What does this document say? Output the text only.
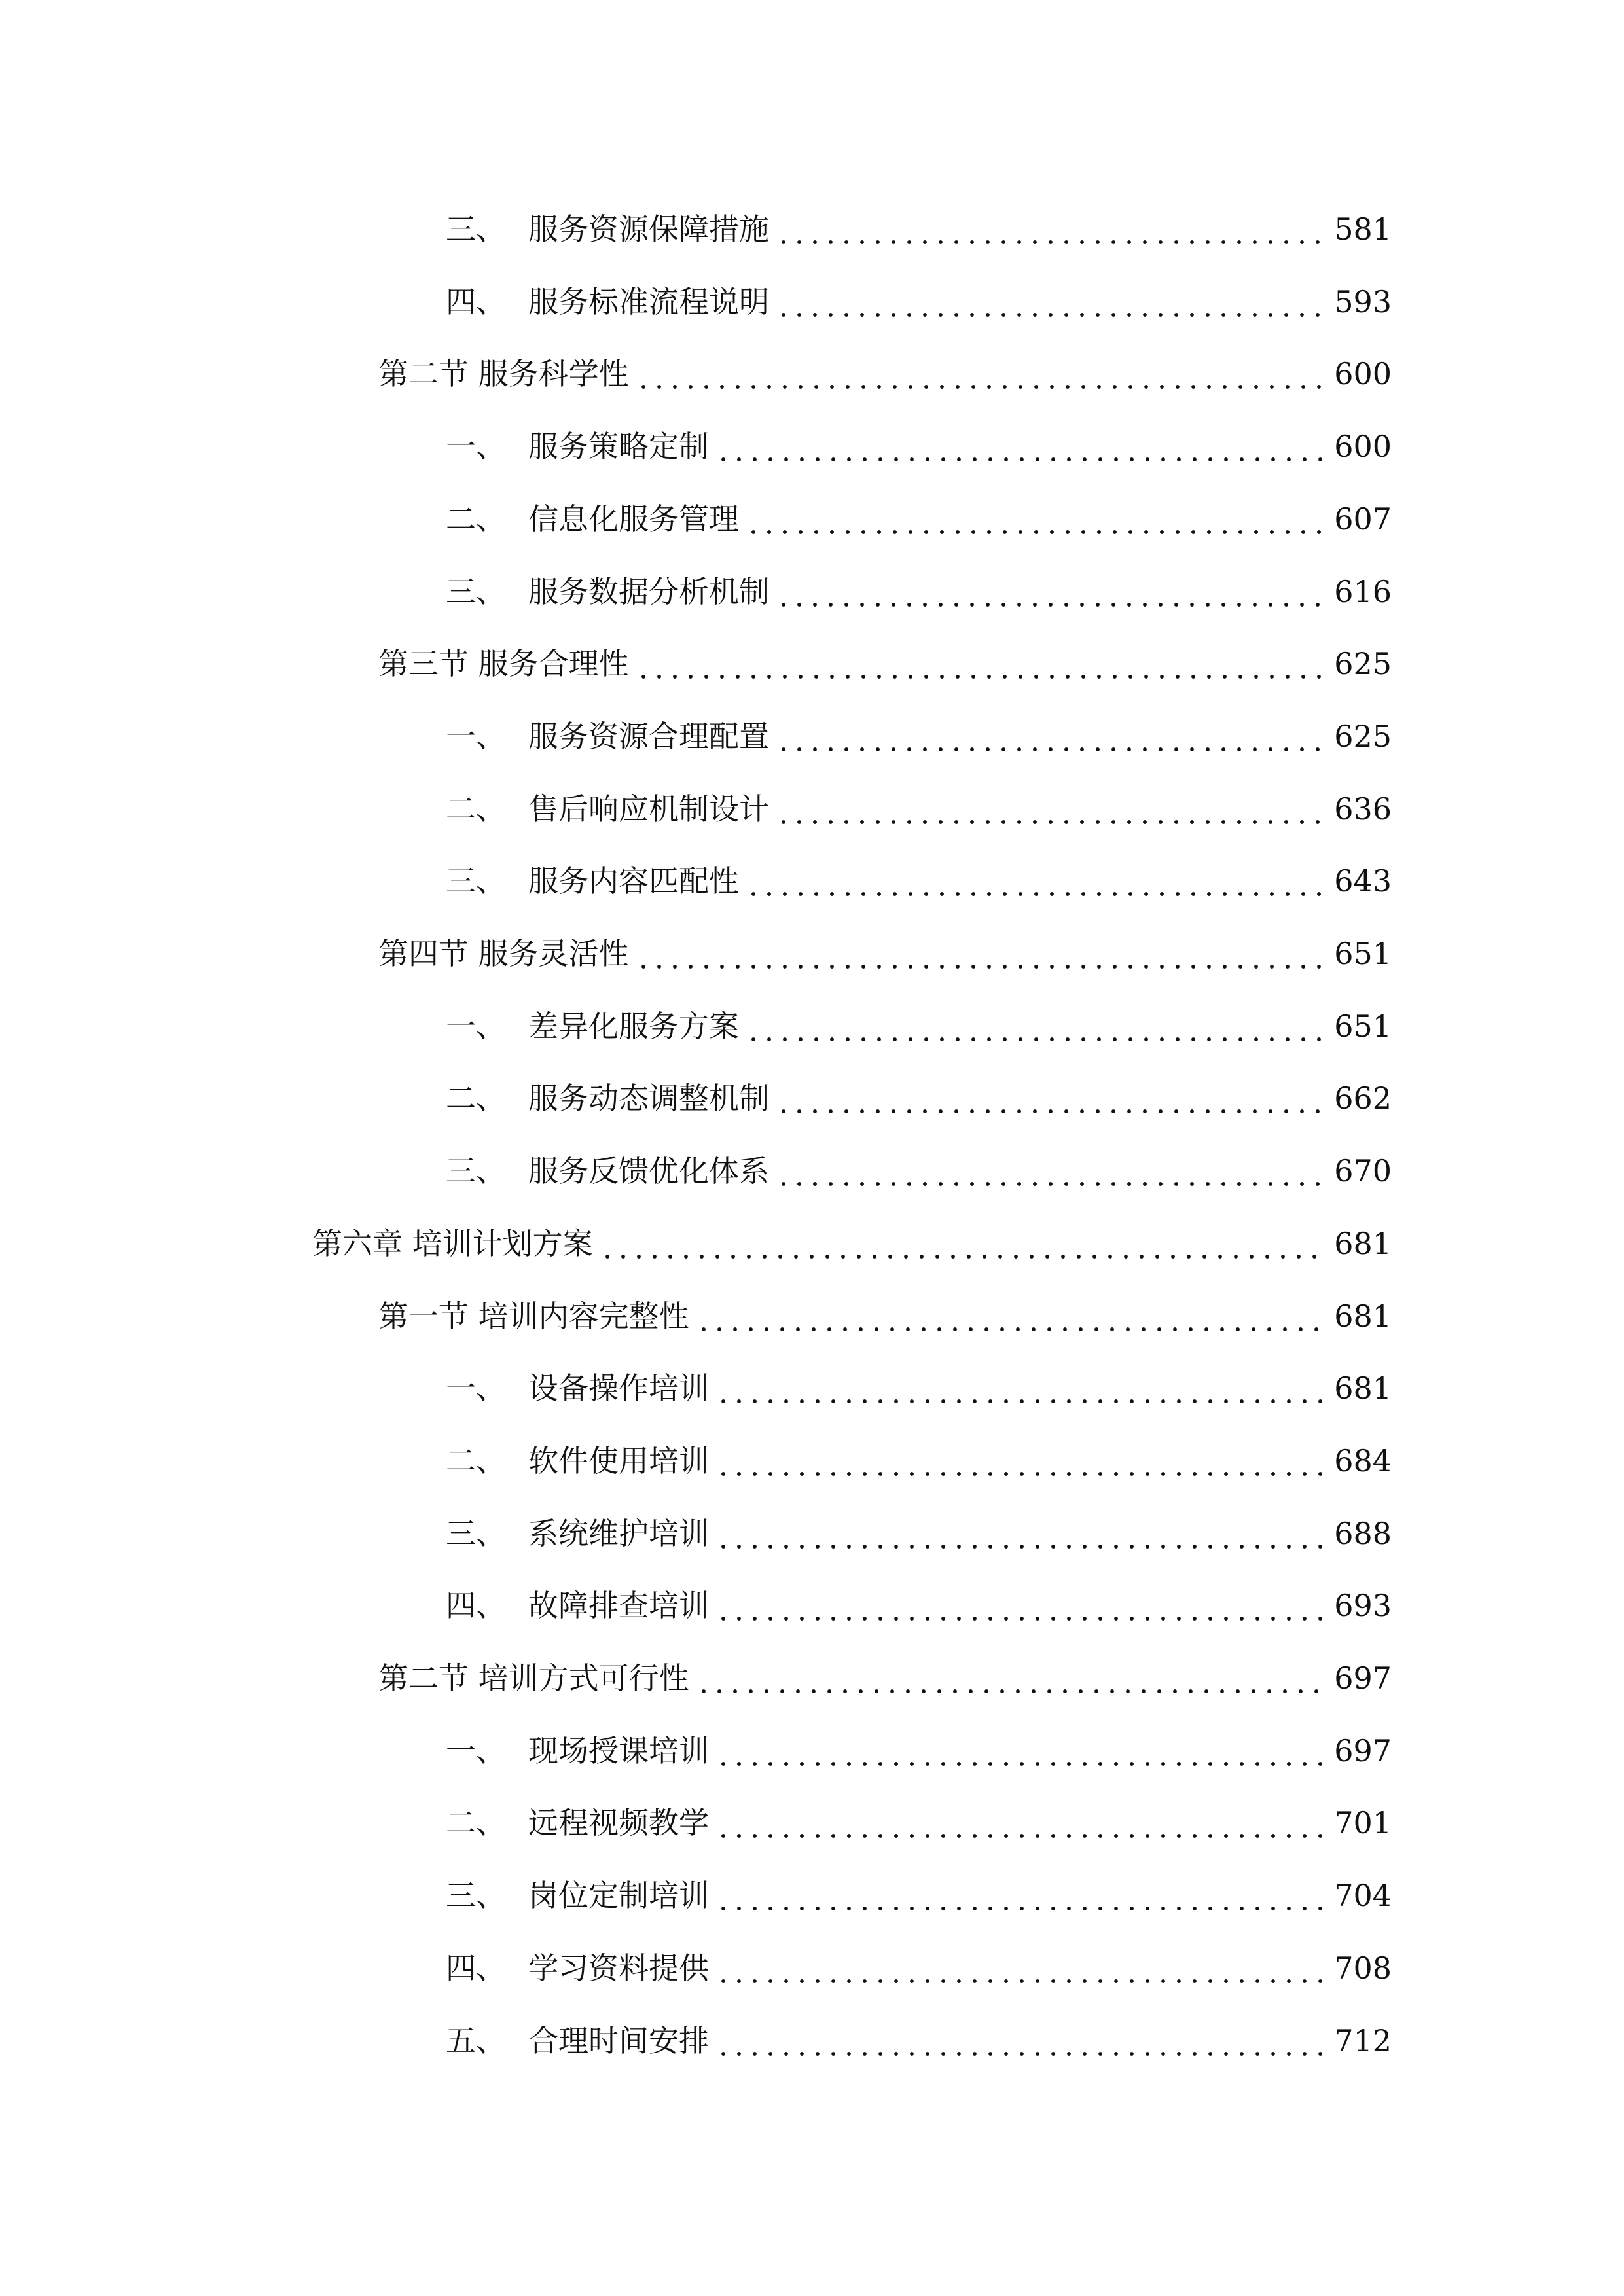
三、 服务资源保障措施	581
四、 服务标准流程说明	593
第二节 服务科学性	600
一、 服务策略定制	600
二、 信息化服务管理	607
三、 服务数据分析机制	616
第三节 服务合理性	625
一、 服务资源合理配置	625
二、 售后响应机制设计	636
三、 服务内容匹配性	643
第四节 服务灵活性	651
一、 差异化服务方案	651
二、 服务动态调整机制	662
三、 服务反馈优化体系	670
第六章 培训计划方案	681
第一节 培训内容完整性	681
一、 设备操作培训	681
二、 软件使用培训	684
三、 系统维护培训	688
四、 故障排查培训	693
第二节 培训方式可行性	697
一、 现场授课培训	697
二、 远程视频教学	701
三、 岗位定制培训	704
四、 学习资料提供	708
五、 合理时间安排	712
